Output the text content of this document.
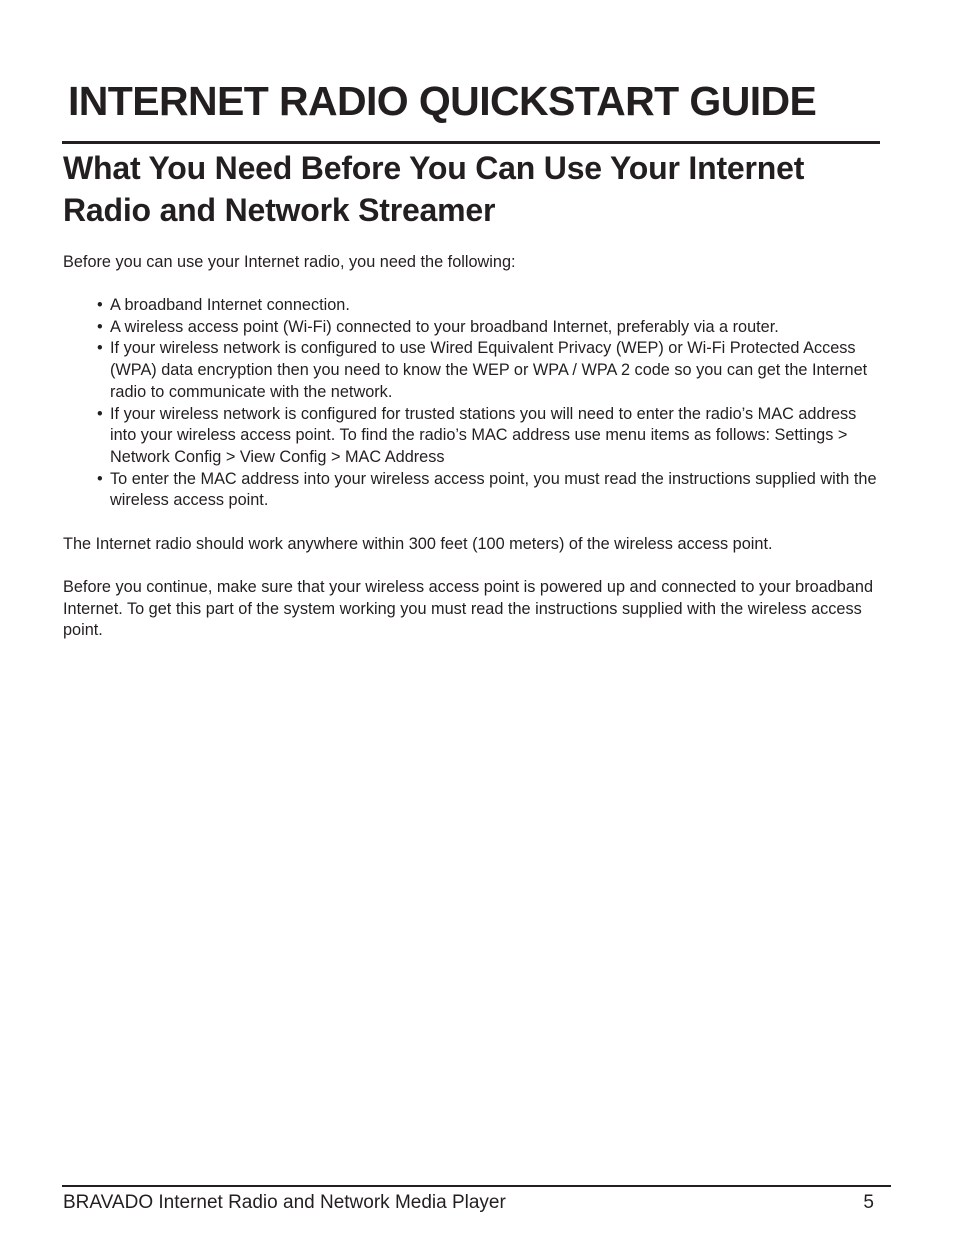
INTERNET RADIO QUICKSTART GUIDE
What You Need Before You Can Use Your Internet Radio and Network Streamer

Before you can use your Internet radio, you need the following:

• A broadband Internet connection.
• A wireless access point (Wi-Fi) connected to your broadband Internet, preferably via a router.
• If your wireless network is configured to use Wired Equivalent Privacy (WEP) or Wi-Fi Protected Access (WPA) data encryption then you need to know the WEP or WPA / WPA 2 code so you can get the Internet radio to communicate with the network.
• If your wireless network is configured for trusted stations you will need to enter the radio’s MAC address into your wireless access point. To find the radio’s MAC address use menu items as follows: Settings > Network Config > View Config > MAC Address
• To enter the MAC address into your wireless access point, you must read the instructions supplied with the wireless access point.

The Internet radio should work anywhere within 300 feet (100 meters) of the wireless access point.

Before you continue, make sure that your wireless access point is powered up and connected to your broadband Internet. To get this part of the system working you must read the instructions supplied with the wireless access point.

BRAVADO Internet Radio and Network Media Player	5
